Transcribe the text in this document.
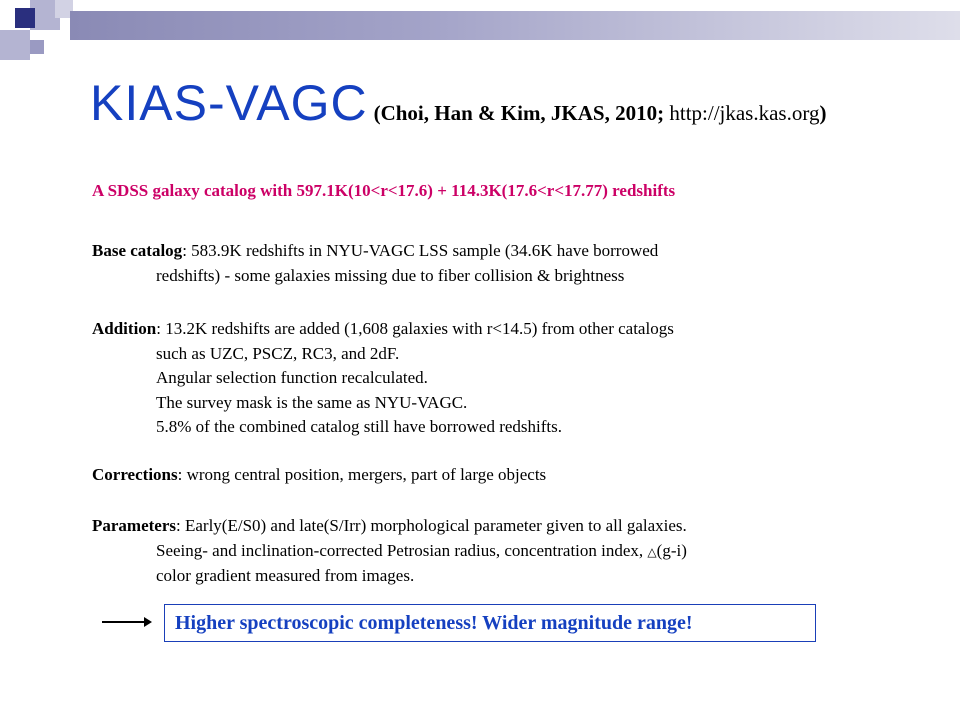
KIAS-VAGC (Choi, Han & Kim, JKAS, 2010; http://jkas.kas.org)
A SDSS galaxy catalog with 597.1K(10<r<17.6) + 114.3K(17.6<r<17.77) redshifts
Base catalog: 583.9K redshifts in NYU-VAGC LSS sample (34.6K have borrowed
redshifts) - some galaxies missing due to fiber collision & brightness
Addition: 13.2K redshifts are added (1,608 galaxies with r<14.5) from other catalogs
such as UZC, PSCZ, RC3, and 2dF.
Angular selection function recalculated.
The survey mask is the same as NYU-VAGC.
5.8% of the combined catalog still have borrowed redshifts.
Corrections: wrong central position, mergers, part of large objects
Parameters: Early(E/S0) and late(S/Irr) morphological parameter given to all galaxies.
Seeing- and inclination-corrected Petrosian radius, concentration index, △(g-i)
color gradient measured from images.
Higher spectroscopic completeness! Wider magnitude range!
